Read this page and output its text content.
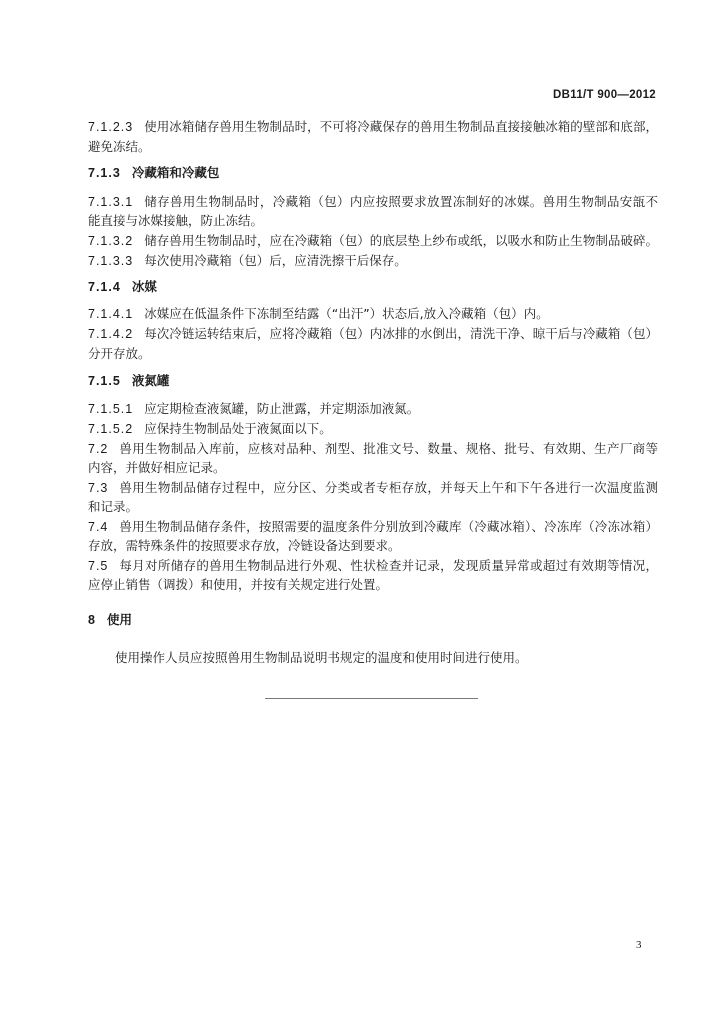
DB11/T 900—2012
7.1.2.3 使用冰箱储存兽用生物制品时，不可将冷藏保存的兽用生物制品直接接触冰箱的壁部和底部，
避免冻结。
7.1.3 冷藏箱和冷藏包
7.1.3.1 储存兽用生物制品时，冷藏箱（包）内应按照要求放置冻制好的冰媒。兽用生物制品安瓿不
能直接与冰媒接触，防止冻结。
7.1.3.2 储存兽用生物制品时，应在冷藏箱（包）的底层垫上纱布或纸，以吸水和防止生物制品破碎。
7.1.3.3 每次使用冷藏箱（包）后，应清洗擦干后保存。
7.1.4 冰媒
7.1.4.1 冰媒应在低温条件下冻制至结露（“出汗”）状态后,放入冷藏箱（包）内。
7.1.4.2 每次冷链运转结束后，应将冷藏箱（包）内冰排的水倒出，清洗干净、晾干后与冷藏箱（包）
分开存放。
7.1.5 液氮罐
7.1.5.1 应定期检查液氮罐，防止泄露，并定期添加液氮。
7.1.5.2 应保持生物制品处于液氮面以下。
7.2 兽用生物制品入库前，应核对品种、剂型、批准文号、数量、规格、批号、有效期、生产厂商等
内容，并做好相应记录。
7.3 兽用生物制品储存过程中，应分区、分类或者专柜存放，并每天上午和下午各进行一次温度监测
和记录。
7.4 兽用生物制品储存条件，按照需要的温度条件分别放到冷藏库（冷藏冰箱）、冷冻库（冷冻冰箱）
存放，需特殊条件的按照要求存放，冷链设备达到要求。
7.5 每月对所储存的兽用生物制品进行外观、性状检查并记录，发现质量异常或超过有效期等情况，
应停止销售（调拨）和使用，并按有关规定进行处置。
8 使用
使用操作人员应按照兽用生物制品说明书规定的温度和使用时间进行使用。
3
